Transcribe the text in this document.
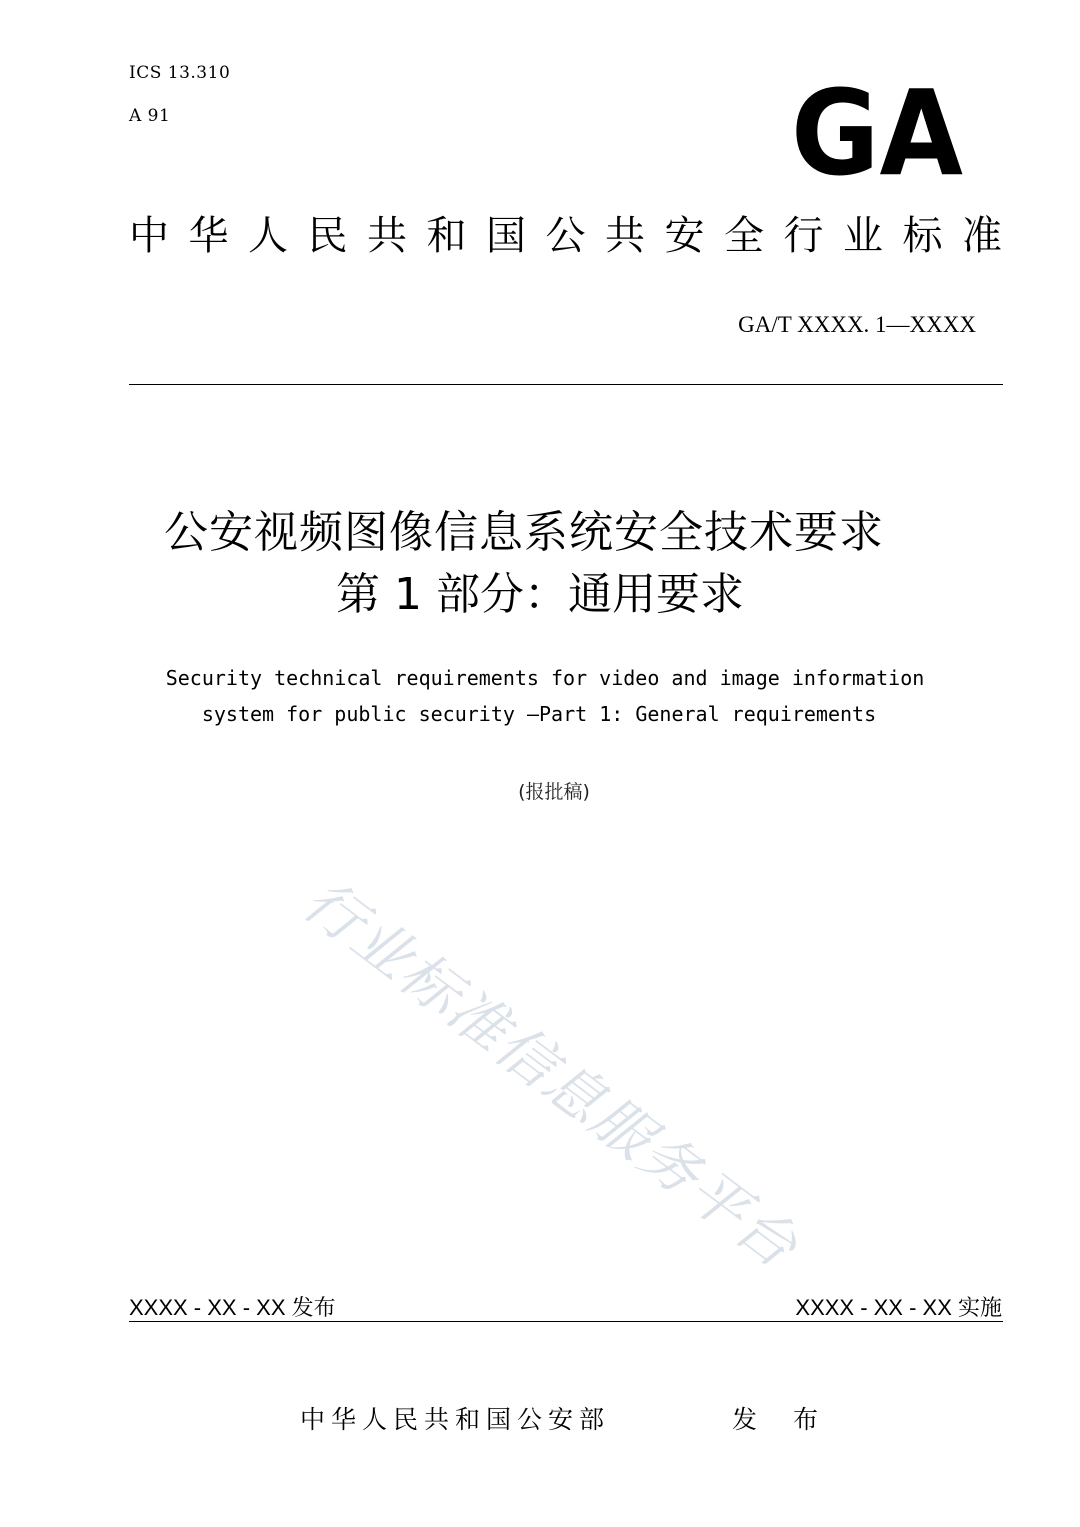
ICS 13.310
A 91	GA
中华人民共和国公共安全行业标准
GA/T XXXX. 1—XXXX
公安视频图像信息系统安全技术要求
第 1 部分：通用要求
Security technical requirements for video and image information
system for public security —Part 1: General requirements
(报批稿)
行业标准信息服务平台
XXXX - XX - XX 发布	XXXX - XX - XX 实施
中华人民共和国公安部	发 布
